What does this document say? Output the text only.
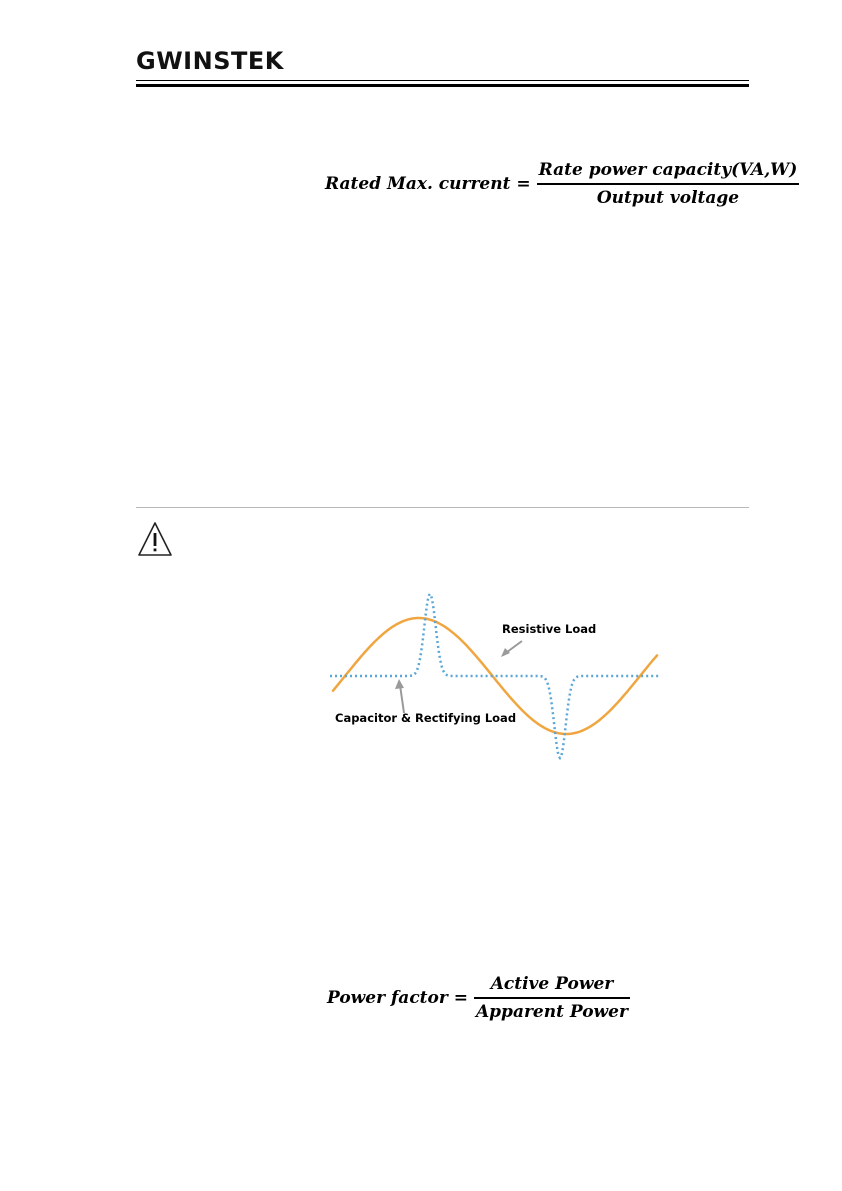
GWINSTEK
Rated Max. current = $\frac{\text{Rate power capacity(VA,W)}}{\text{Output voltage}}$
Resistive Load
Capacitor & Rectifying Load
Power factor = $\frac{\text{Active Power}}{\text{Apparent Power}}$
